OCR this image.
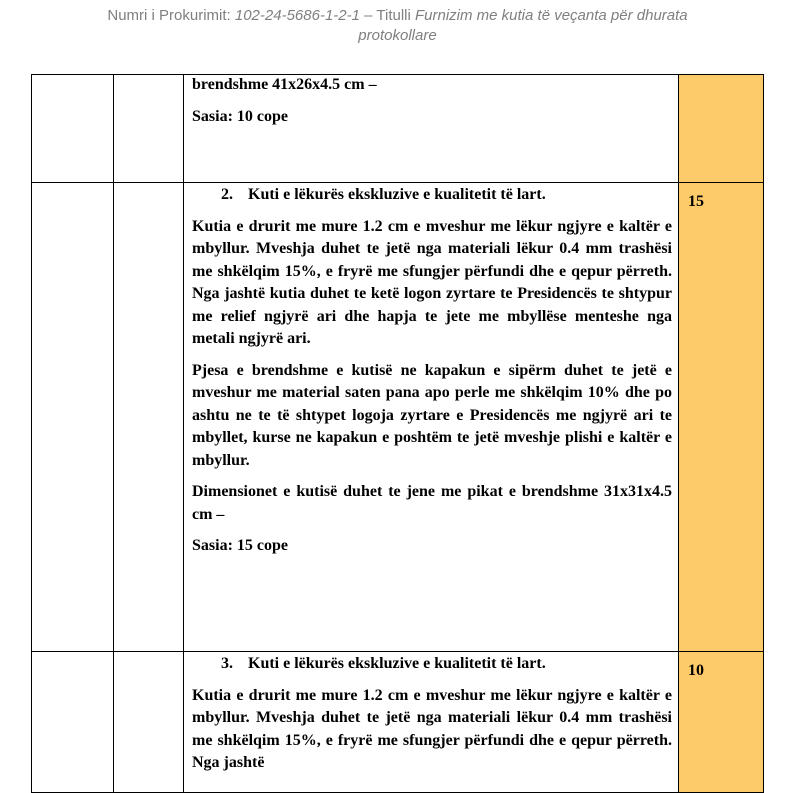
Numri i Prokurimit: 102-24-5686-1-2-1 – Titulli Furnizim me kutia të veçanta për dhurata
protokollare

		brendshme 41x26x4.5 cm –

Sasia: 10 cope	

		2. Kuti e lëkurës ekskluzive e kualitetit të lart.

Kutia e drurit me mure 1.2 cm e mveshur me lëkur ngjyre e kaltër e mbyllur. Mveshja duhet te jetë nga materiali lëkur 0.4 mm trashësi me shkëlqim 15%, e fryrë me sfungjer përfundi dhe e qepur përreth. Nga jashtë kutia duhet te ketë logon zyrtare te Presidencës te shtypur me relief ngjyrë ari dhe hapja te jete me mbyllëse menteshe nga metali ngjyrë ari.

Pjesa e brendshme e kutisë ne kapakun e sipërm duhet te jetë e mveshur me material saten pana apo perle me shkëlqim 10% dhe po ashtu ne te të shtypet logoja zyrtare e Presidencës me ngjyrë ari te mbyllet, kurse ne kapakun e poshtëm te jetë mveshje plishi e kaltër e mbyllur.

Dimensionet e kutisë duhet te jene me pikat e brendshme 31x31x4.5 cm –

Sasia: 15 cope	15

		3. Kuti e lëkurës ekskluzive e kualitetit të lart.

Kutia e drurit me mure 1.2 cm e mveshur me lëkur ngjyre e kaltër e mbyllur. Mveshja duhet te jetë nga materiali lëkur 0.4 mm trashësi me shkëlqim 15%, e fryrë me sfungjer përfundi dhe e qepur përreth. Nga jashtë	10
